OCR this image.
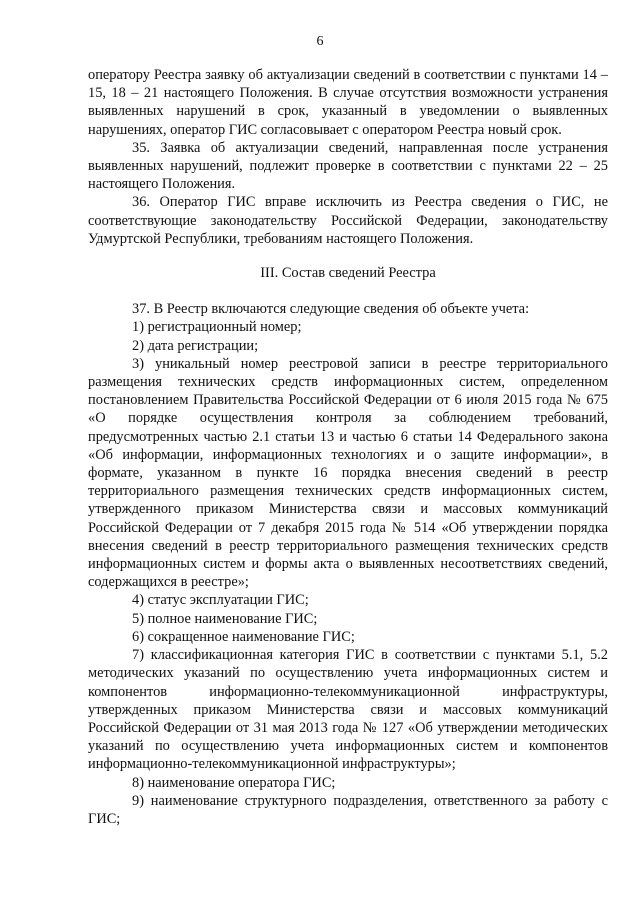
6

оператору Реестра заявку об актуализации сведений в соответствии с пунктами 14 – 15, 18 – 21 настоящего Положения. В случае отсутствия возможности устранения выявленных нарушений в срок, указанный в уведомлении о выявленных нарушениях, оператор ГИС согласовывает с оператором Реестра новый срок.

35. Заявка об актуализации сведений, направленная после устранения выявленных нарушений, подлежит проверке в соответствии с пунктами 22 – 25 настоящего Положения.

36. Оператор ГИС вправе исключить из Реестра сведения о ГИС, не соответствующие законодательству Российской Федерации, законодательству Удмуртской Республики, требованиям настоящего Положения.

III. Состав сведений Реестра

37. В Реестр включаются следующие сведения об объекте учета:

1) регистрационный номер;

2) дата регистрации;

3) уникальный номер реестровой записи в реестре территориального размещения технических средств информационных систем, определенном постановлением Правительства Российской Федерации от 6 июля 2015 года № 675 «О порядке осуществления контроля за соблюдением требований, предусмотренных частью 2.1 статьи 13 и частью 6 статьи 14 Федерального закона «Об информации, информационных технологиях и о защите информации», в формате, указанном в пункте 16 порядка внесения сведений в реестр территориального размещения технических средств информационных систем, утвержденного приказом Министерства связи и массовых коммуникаций Российской Федерации от 7 декабря 2015 года № 514 «Об утверждении порядка внесения сведений в реестр территориального размещения технических средств информационных систем и формы акта о выявленных несоответствиях сведений, содержащихся в реестре»;

4) статус эксплуатации ГИС;

5) полное наименование ГИС;

6) сокращенное наименование ГИС;

7) классификационная категория ГИС в соответствии с пунктами 5.1, 5.2 методических указаний по осуществлению учета информационных систем и компонентов информационно-телекоммуникационной инфраструктуры, утвержденных приказом Министерства связи и массовых коммуникаций Российской Федерации от 31 мая 2013 года № 127 «Об утверждении методических указаний по осуществлению учета информационных систем и компонентов информационно-телекоммуникационной инфраструктуры»;

8) наименование оператора ГИС;

9) наименование структурного подразделения, ответственного за работу с ГИС;
